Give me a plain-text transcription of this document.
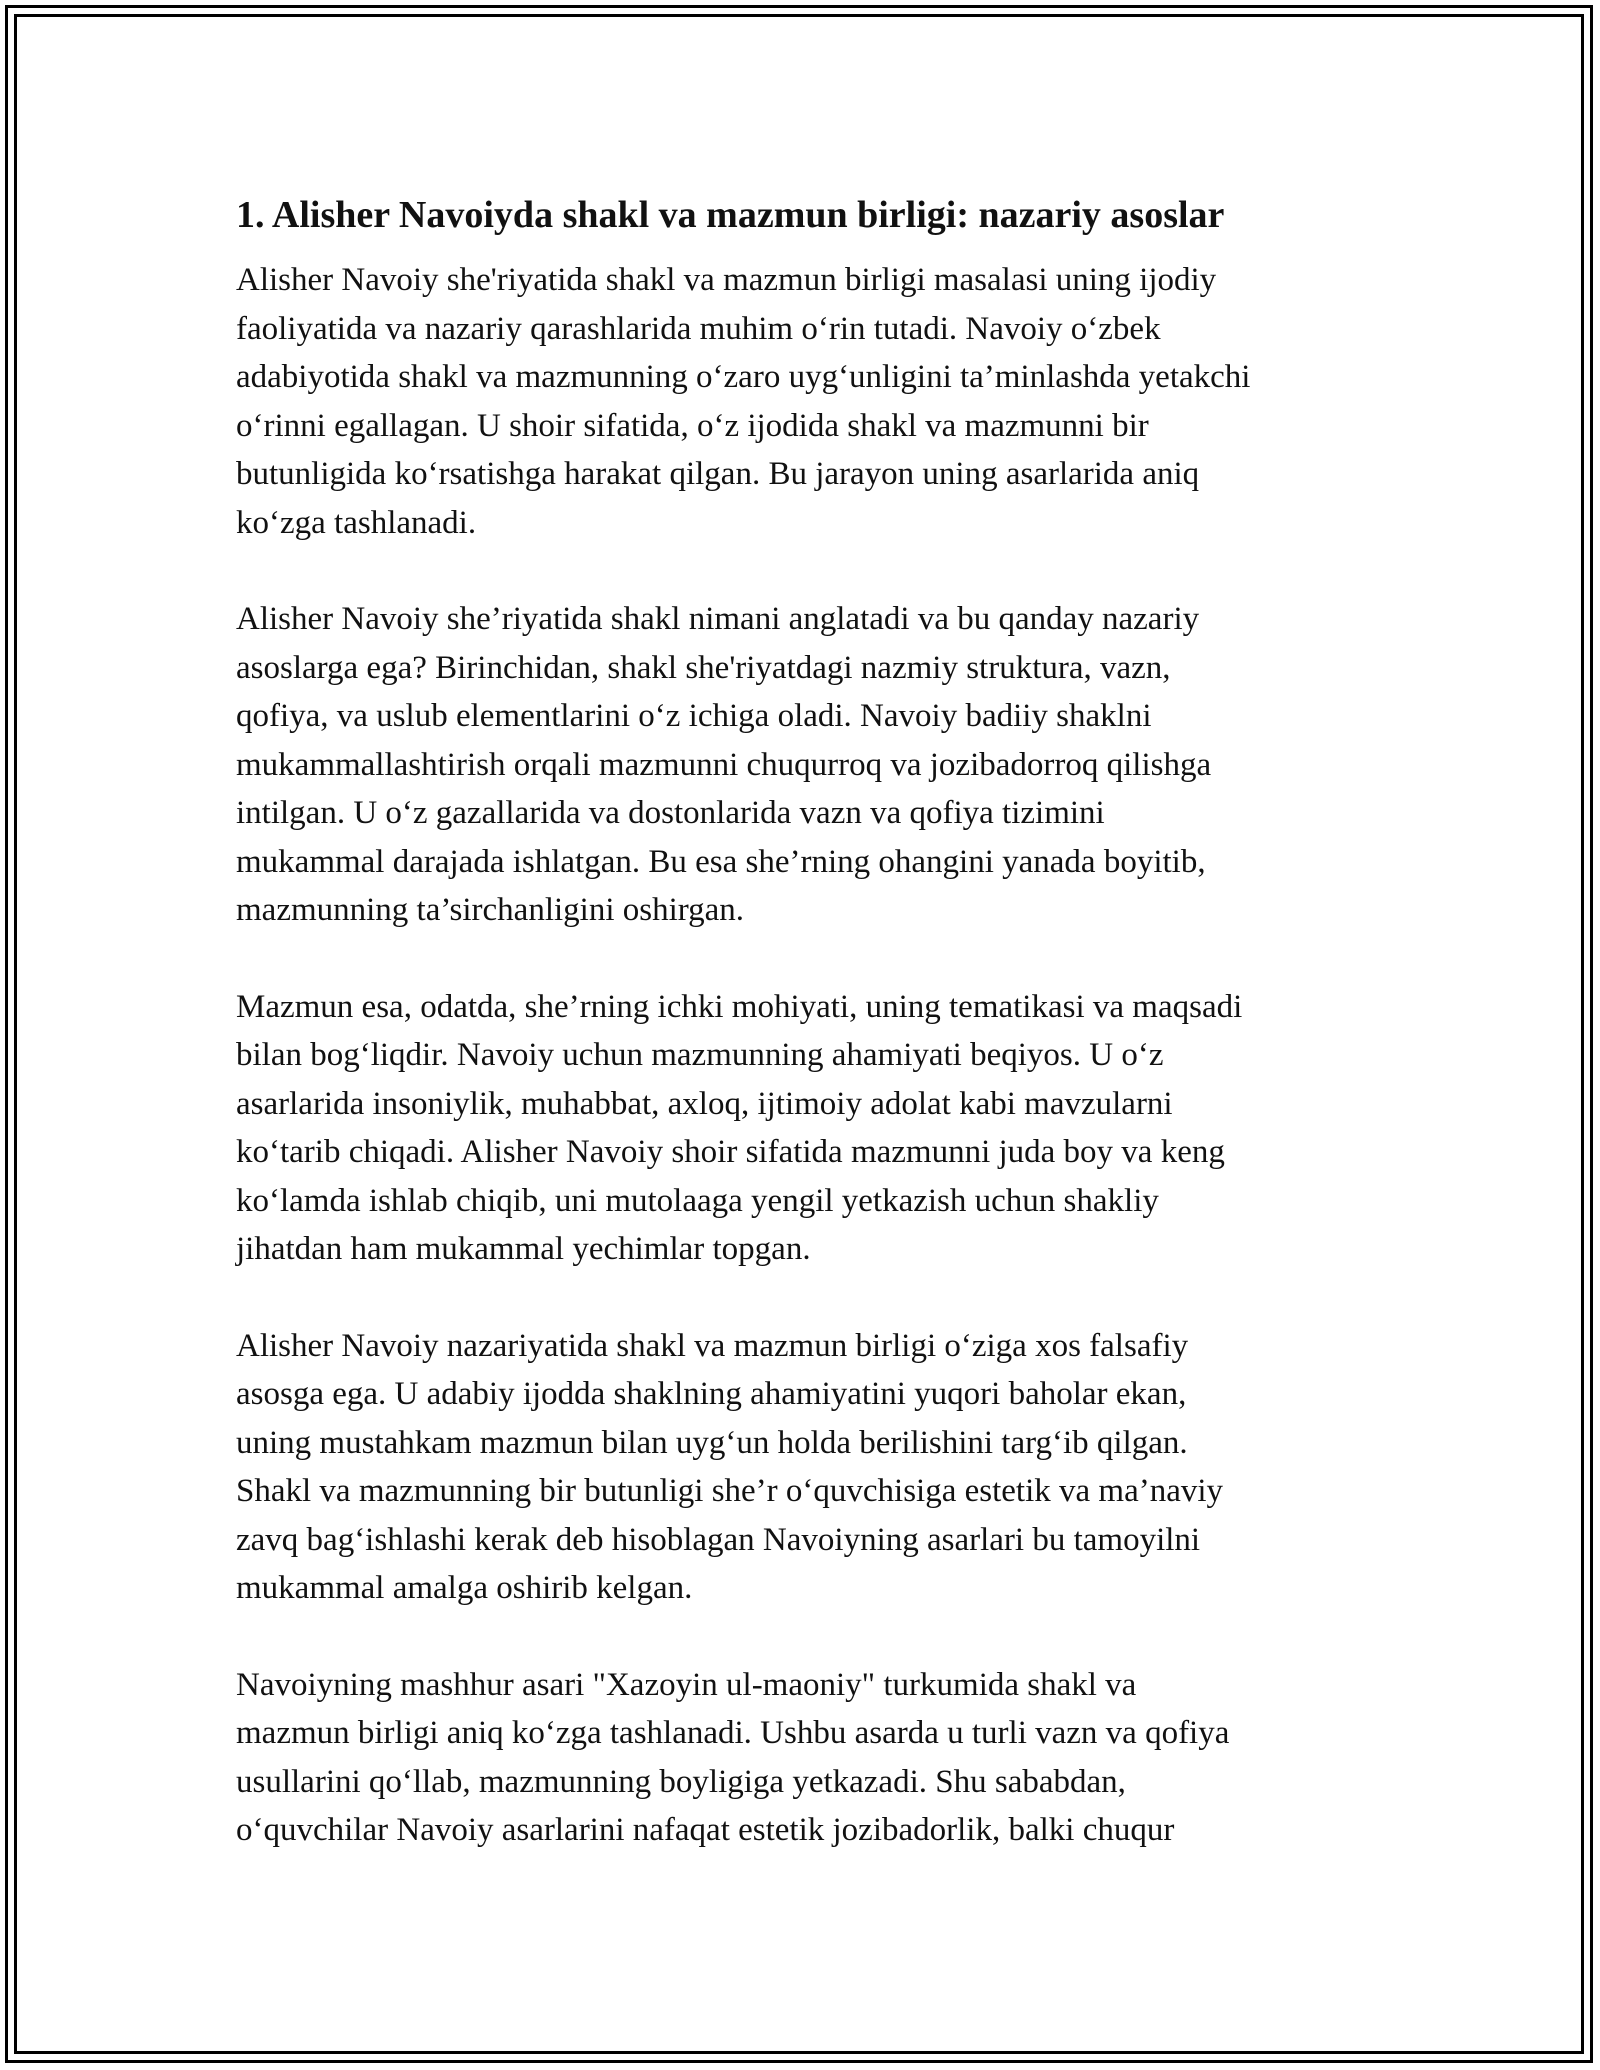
1. Alisher Navoiyda shakl va mazmun birligi: nazariy asoslar

Alisher Navoiy she'riyatida shakl va mazmun birligi masalasi uning ijodiy
faoliyatida va nazariy qarashlarida muhim o‘rin tutadi. Navoiy o‘zbek
adabiyotida shakl va mazmunning o‘zaro uyg‘unligini ta’minlashda yetakchi
o‘rinni egallagan. U shoir sifatida, o‘z ijodida shakl va mazmunni bir
butunligida ko‘rsatishga harakat qilgan. Bu jarayon uning asarlarida aniq
ko‘zga tashlanadi.

Alisher Navoiy she’riyatida shakl nimani anglatadi va bu qanday nazariy
asoslarga ega? Birinchidan, shakl she'riyatdagi nazmiy struktura, vazn,
qofiya, va uslub elementlarini o‘z ichiga oladi. Navoiy badiiy shaklni
mukammallashtirish orqali mazmunni chuqurroq va jozibadorroq qilishga
intilgan. U o‘z gazallarida va dostonlarida vazn va qofiya tizimini
mukammal darajada ishlatgan. Bu esa she’rning ohangini yanada boyitib,
mazmunning ta’sirchanligini oshirgan.

Mazmun esa, odatda, she’rning ichki mohiyati, uning tematikasi va maqsadi
bilan bog‘liqdir. Navoiy uchun mazmunning ahamiyati beqiyos. U o‘z
asarlarida insoniylik, muhabbat, axloq, ijtimoiy adolat kabi mavzularni
ko‘tarib chiqadi. Alisher Navoiy shoir sifatida mazmunni juda boy va keng
ko‘lamda ishlab chiqib, uni mutolaaga yengil yetkazish uchun shakliy
jihatdan ham mukammal yechimlar topgan.

Alisher Navoiy nazariyatida shakl va mazmun birligi o‘ziga xos falsafiy
asosga ega. U adabiy ijodda shaklning ahamiyatini yuqori baholar ekan,
uning mustahkam mazmun bilan uyg‘un holda berilishini targ‘ib qilgan.
Shakl va mazmunning bir butunligi she’r o‘quvchisiga estetik va ma’naviy
zavq bag‘ishlashi kerak deb hisoblagan Navoiyning asarlari bu tamoyilni
mukammal amalga oshirib kelgan.

Navoiyning mashhur asari "Xazoyin ul-maoniy" turkumida shakl va
mazmun birligi aniq ko‘zga tashlanadi. Ushbu asarda u turli vazn va qofiya
usullarini qo‘llab, mazmunning boyligiga yetkazadi. Shu sababdan,
o‘quvchilar Navoiy asarlarini nafaqat estetik jozibadorlik, balki chuqur
